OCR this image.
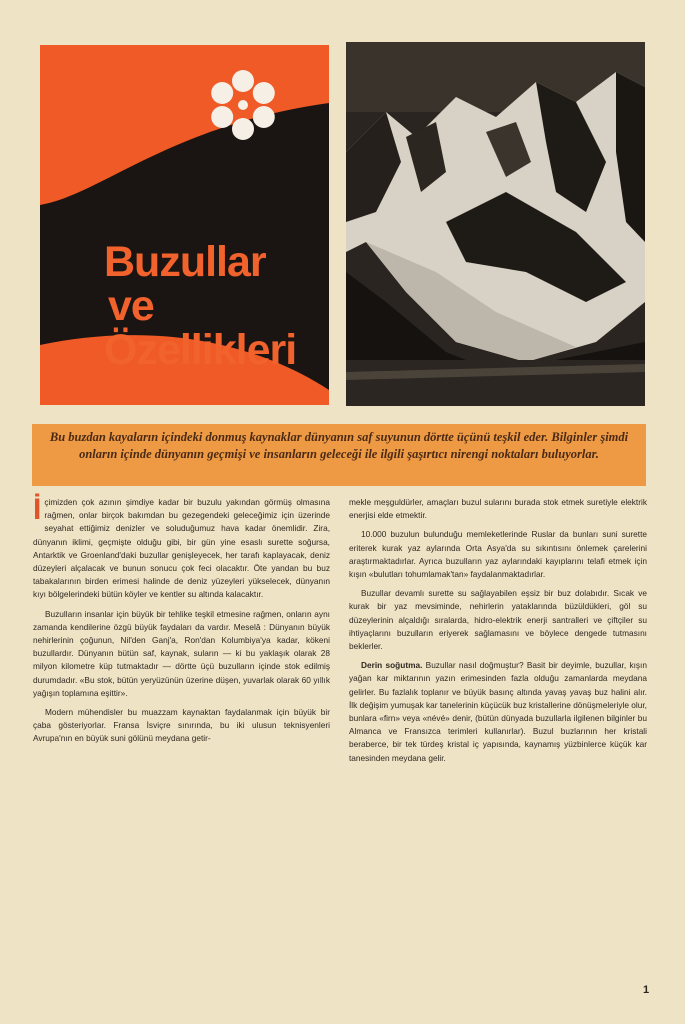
Buzullar
ve
Özellikleri
Bu buzdan kayaların içindeki donmuş kaynaklar dünyanın saf suyunun dörtte üçünü teşkil eder. Bilginler şimdi onların içinde dünyanın geçmişi ve insanların geleceği ile ilgili şaşırtıcı nirengi noktaları buluyorlar.

İçimizden çok azının şimdiye kadar bir buzulu yakından görmüş olmasına rağmen, onlar birçok bakımdan bu gezegendeki geleceğimiz için üzerinde seyahat ettiğimiz denizler ve soluduğumuz hava kadar önemlidir. Zira, dünyanın iklimi, geçmişte olduğu gibi, bir gün yine esaslı surette soğursa, Antarktik ve Groenland'daki buzullar genişleyecek, her tarafı kaplayacak, deniz düzeyleri alçalacak ve bunun sonucu çok feci olacaktır. Öte yandan bu buz tabakalarının birden erimesi halinde de deniz yüzeyleri yükselecek, dünyanın kıyı bölgelerindeki bütün köyler ve kentler su altında kalacaktır.

Buzulların insanlar için büyük bir tehlike teşkil etmesine rağmen, onların aynı zamanda kendilerine özgü büyük faydaları da vardır. Meselâ : Dünyanın büyük nehirlerinin çoğunun, Nil'den Ganj'a, Ron'dan Kolumbiya'ya kadar, kökeni buzullardır. Dünyanın bütün saf, kaynak, suların — ki bu yaklaşık olarak 28 milyon kilometre küp tutmaktadır — dörtte üçü buzulların içinde stok edilmiş durumdadır. «Bu stok, bütün yeryüzünün üzerine düşen, yuvarlak olarak 60 yıllık yağışın toplamına eşittir».

Modern mühendisler bu muazzam kaynaktan faydalanmak için büyük bir çaba gösteriyorlar. Fransa İsviçre sınırında, bu iki ulusun teknisyenleri Avrupa'nın en büyük suni gölünü meydana getir-

mekle meşguldürler, amaçları buzul sularını burada stok etmek suretiyle elektrik enerjisi elde etmektir.

10.000 buzulun bulunduğu memleketlerinde Ruslar da bunları suni surette eriterek kurak yaz aylarında Orta Asya'da su sıkıntısını önlemek çarelerini araştırmaktadırlar. Ayrıca buzulların yaz aylarındaki kayıplarını telafi etmek için kışın «bulutları tohumlamak'tan» faydalanmaktadırlar.

Buzullar devamlı surette su sağlayabilen eşsiz bir buz dolabıdır. Sıcak ve kurak bir yaz mevsiminde, nehirlerin yataklarında büzüldükleri, göl su düzeylerinin alçaldığı sıralarda, hidro-elektrik enerji santralleri ve çiftçiler su ihtiyaçlarını buzulların eriyerek sağlamasını ve böylece dengede tutmasını beklerler.

Derin soğutma. Buzullar nasıl doğmuştur? Basit bir deyimle, buzullar, kışın yağan kar miktarının yazın erimesinden fazla olduğu zamanlarda meydana gelirler. Bu fazlalık toplanır ve büyük basınç altında yavaş yavaş buz halini alır. İlk değişim yumuşak kar tanelerinin küçücük buz kristallerine dönüşmeleriyle olur, bunlara «firn» veya «névé» denir, (bütün dünyada buzullarla ilgilenen bilginler bu Almanca ve Fransızca terimleri kullanırlar). Buzul buzlarının her kristali beraberce, bir tek türdeş kristal iç yapısında, kaynamış yüzbinlerce küçük kar tanesinden meydana gelir.

1
